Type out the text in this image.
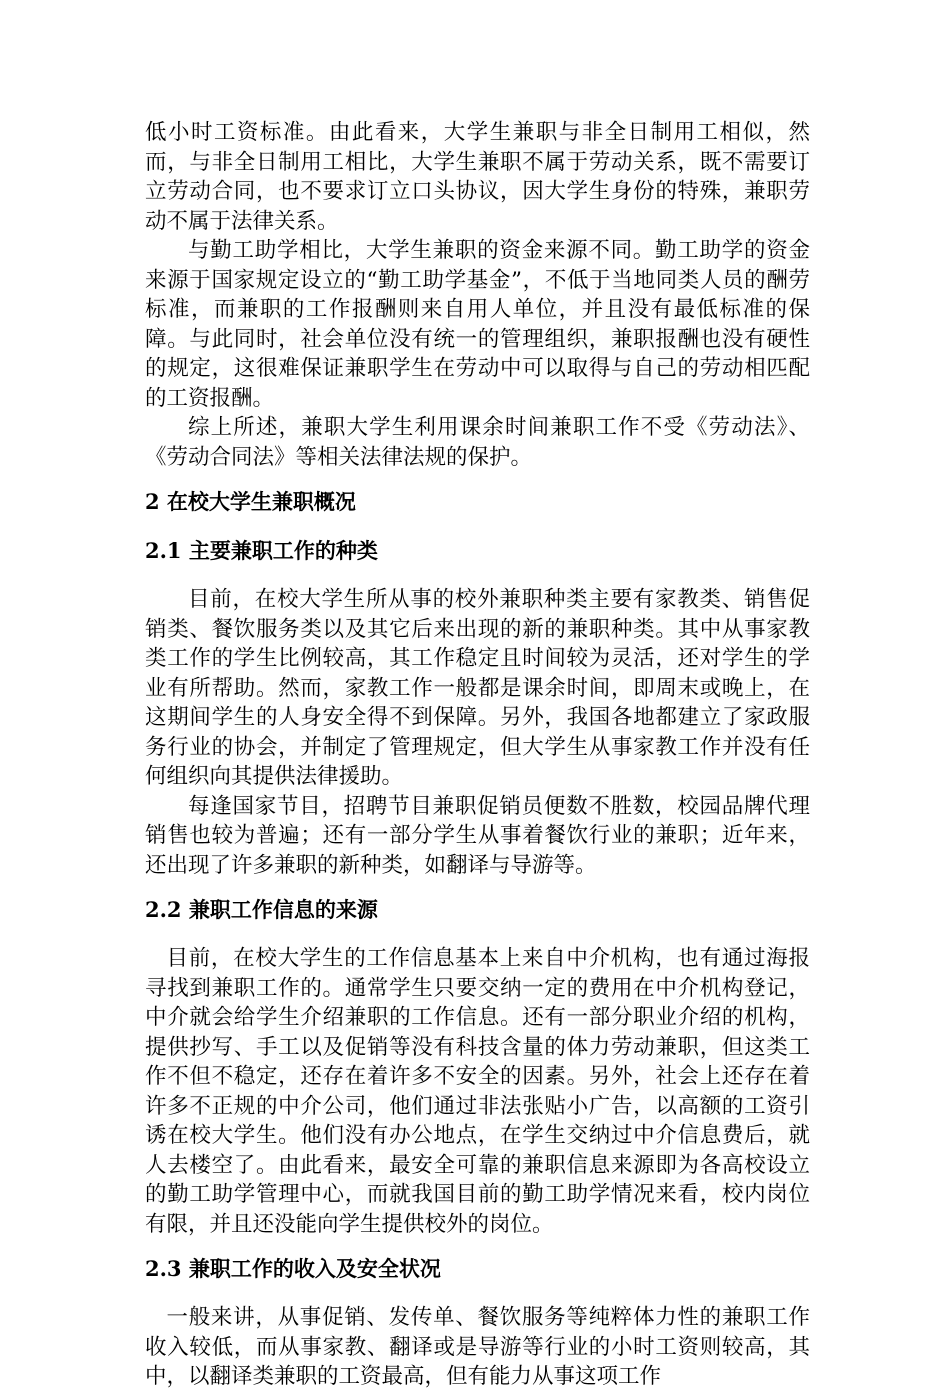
低小时工资标准。由此看来，大学生兼职与非全日制用工相似，然而，与非全日制用工相比，大学生兼职不属于劳动关系，既不需要订立劳动合同，也不要求订立口头协议，因大学生身份的特殊，兼职劳动不属于法律关系。

与勤工助学相比，大学生兼职的资金来源不同。勤工助学的资金来源于国家规定设立的“勤工助学基金”，不低于当地同类人员的酬劳标准，而兼职的工作报酬则来自用人单位，并且没有最低标准的保障。与此同时，社会单位没有统一的管理组织，兼职报酬也没有硬性的规定，这很难保证兼职学生在劳动中可以取得与自己的劳动相匹配的工资报酬。

综上所述，兼职大学生利用课余时间兼职工作不受《劳动法》、《劳动合同法》等相关法律法规的保护。

2 在校大学生兼职概况
2.1 主要兼职工作的种类

目前，在校大学生所从事的校外兼职种类主要有家教类、销售促销类、餐饮服务类以及其它后来出现的新的兼职种类。其中从事家教类工作的学生比例较高，其工作稳定且时间较为灵活，还对学生的学业有所帮助。然而，家教工作一般都是课余时间，即周末或晚上，在这期间学生的人身安全得不到保障。另外，我国各地都建立了家政服务行业的协会，并制定了管理规定，但大学生从事家教工作并没有任何组织向其提供法律援助。

每逢国家节目，招聘节目兼职促销员便数不胜数，校园品牌代理销售也较为普遍；还有一部分学生从事着餐饮行业的兼职；近年来，还出现了许多兼职的新种类，如翻译与导游等。

2.2 兼职工作信息的来源

目前，在校大学生的工作信息基本上来自中介机构，也有通过海报寻找到兼职工作的。通常学生只要交纳一定的费用在中介机构登记，中介就会给学生介绍兼职的工作信息。还有一部分职业介绍的机构，提供抄写、手工以及促销等没有科技含量的体力劳动兼职，但这类工作不但不稳定，还存在着许多不安全的因素。另外，社会上还存在着许多不正规的中介公司，他们通过非法张贴小广告，以高额的工资引诱在校大学生。他们没有办公地点，在学生交纳过中介信息费后，就人去楼空了。由此看来，最安全可靠的兼职信息来源即为各高校设立的勤工助学管理中心，而就我国目前的勤工助学情况来看，校内岗位有限，并且还没能向学生提供校外的岗位。

2.3 兼职工作的收入及安全状况

一般来讲，从事促销、发传单、餐饮服务等纯粹体力性的兼职工作收入较低，而从事家教、翻译或是导游等行业的小时工资则较高，其中，以翻译类兼职的工资最高，但有能力从事这项工作
